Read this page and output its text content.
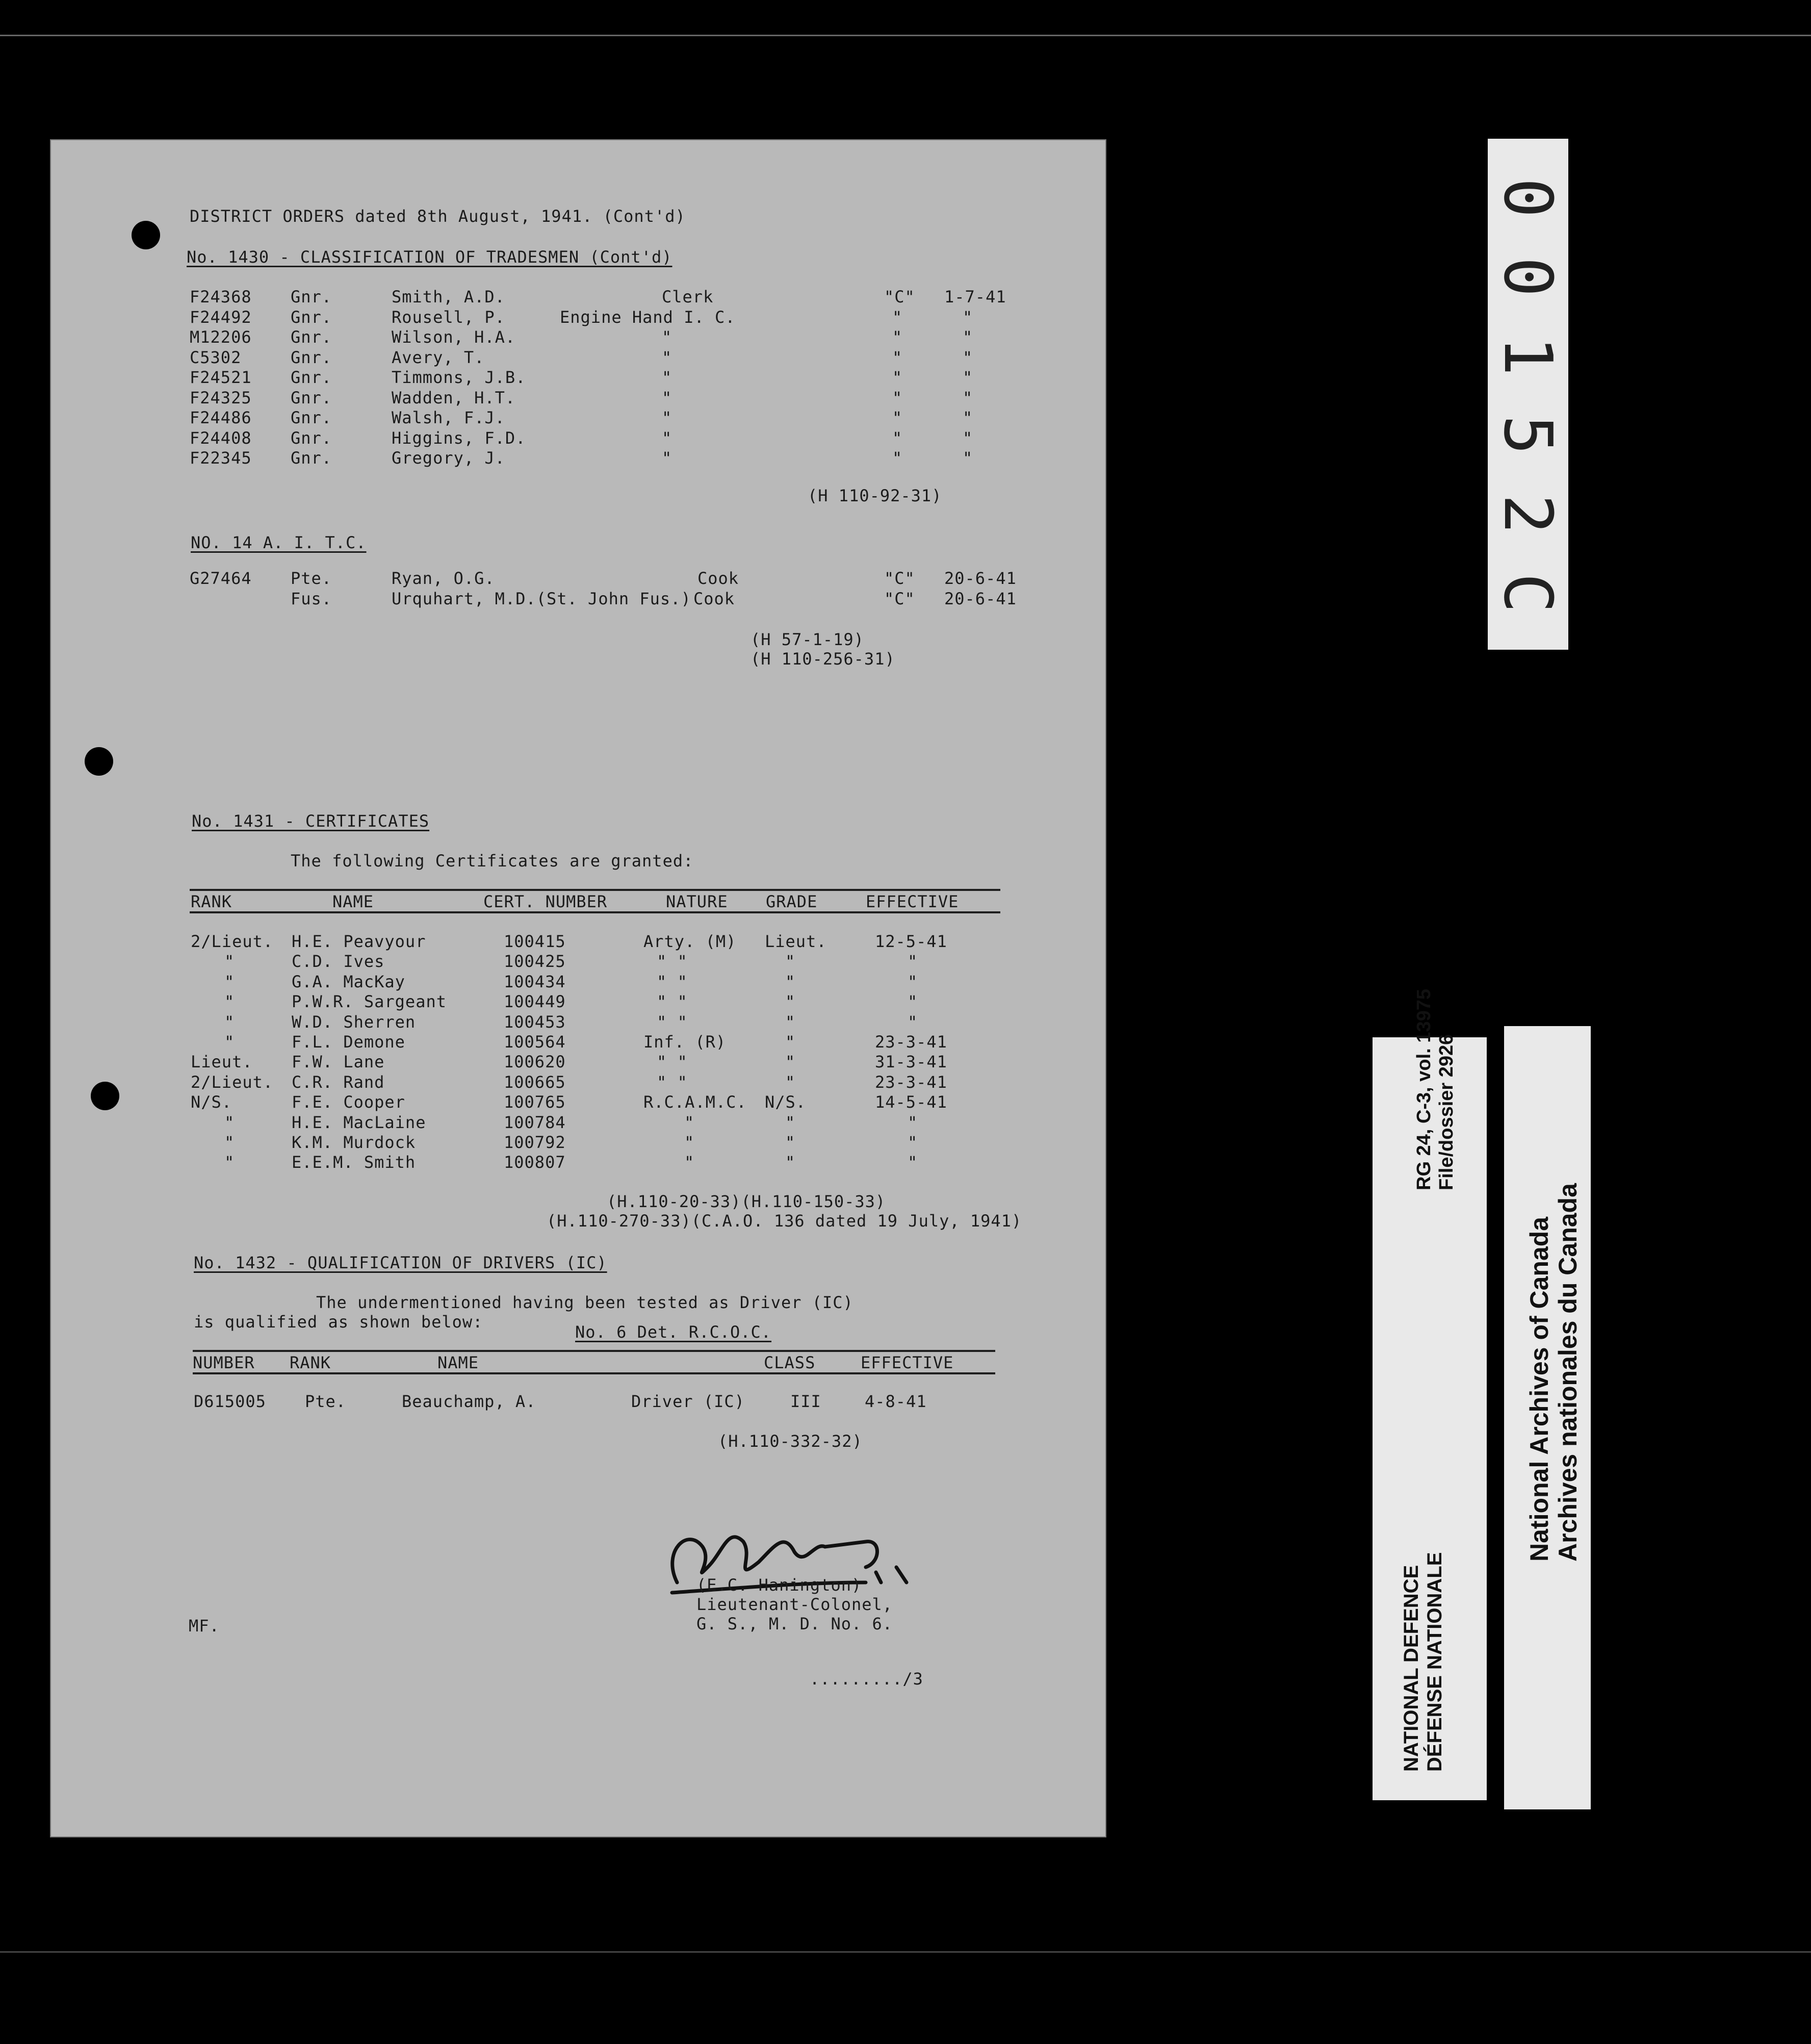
DISTRICT ORDERS dated 8th August, 1941. (Cont'd)
No. 1430 - CLASSIFICATION OF TRADESMEN (Cont'd)
F24368 Gnr.	Smith, A.D.	Clerk	"C" 1-7-41
F24492 Gnr.	Rousell, P.	Engine Hand I. C.	"	"
M12206 Gnr.	Wilson, H.A.	"	"	"
C5302	Gnr.	Avery, T.	"	"	"
F24521 Gnr.	Timmons, J.B.	"	"	"
F24325 Gnr.	Wadden, H.T.	"	"	"
F24486 Gnr.	Walsh, F.J.	"	"	"
F24408 Gnr.	Higgins, F.D.	"	"	"
F22345 Gnr.	Gregory, J.	"	"	"
(H 110-92-31)
NO. 14 A. I. T.C.
G27464 Pte.	Ryan, O.G.	Cook	"C" 20-6-41
Fus.	Urquhart, M.D.(St. John Fus.) Cook	"C" 20-6-41
(H 57-1-19)
(H 110-256-31)
No. 1431 - CERTIFICATES
The following Certificates are granted:
RANK	NAME	CERT. NUMBER	NATURE GRADE	EFFECTIVE
2/Lieut. H.E. Peavyour	100415	Arty. (M) Lieut.	12-5-41
"	C.D. Ives	100425	" "	"	"
"	G.A. MacKay	100434	" "	"	"
"	P.W.R. Sargeant	100449	" "	"	"
"	W.D. Sherren	100453	" "	"	"
"	F.L. Demone	100564	Inf. (R)	"	23-3-41
Lieut. F.W. Lane	100620	" "	"	31-3-41
2/Lieut. C.R. Rand	100665	" "	"	23-3-41
N/S.	F.E. Cooper	100765	R.C.A.M.C. N/S.	14-5-41
"	H.E. MacLaine	100784	"	"	"
"	K.M. Murdock	100792	"	"	"
"	E.E.M. Smith	100807	"	"	"
(H.110-20-33)(H.110-150-33)
(H.110-270-33)(C.A.O. 136 dated 19 July, 1941)
No. 1432 - QUALIFICATION OF DRIVERS (IC)
The undermentioned having been tested as Driver (IC)
is qualified as shown below:
No. 6 Det. R.C.O.C.
NUMBER RANK	NAME	CLASS	EFFECTIVE
D615005 Pte.	Beauchamp, A.	Driver (IC)	III	4-8-41
(H.110-332-32)
(E.C. Hanington)
Lieutenant-Colonel,
G. S., M. D. No. 6.
MF.
........./3
0
0
1
5
2
C
RG 24, C-3, vol. 13975 File/dossier 2926
NATIONAL DEFENCE DÉFENSE NATIONALE
National Archives of Canada Archives nationales du Canada
